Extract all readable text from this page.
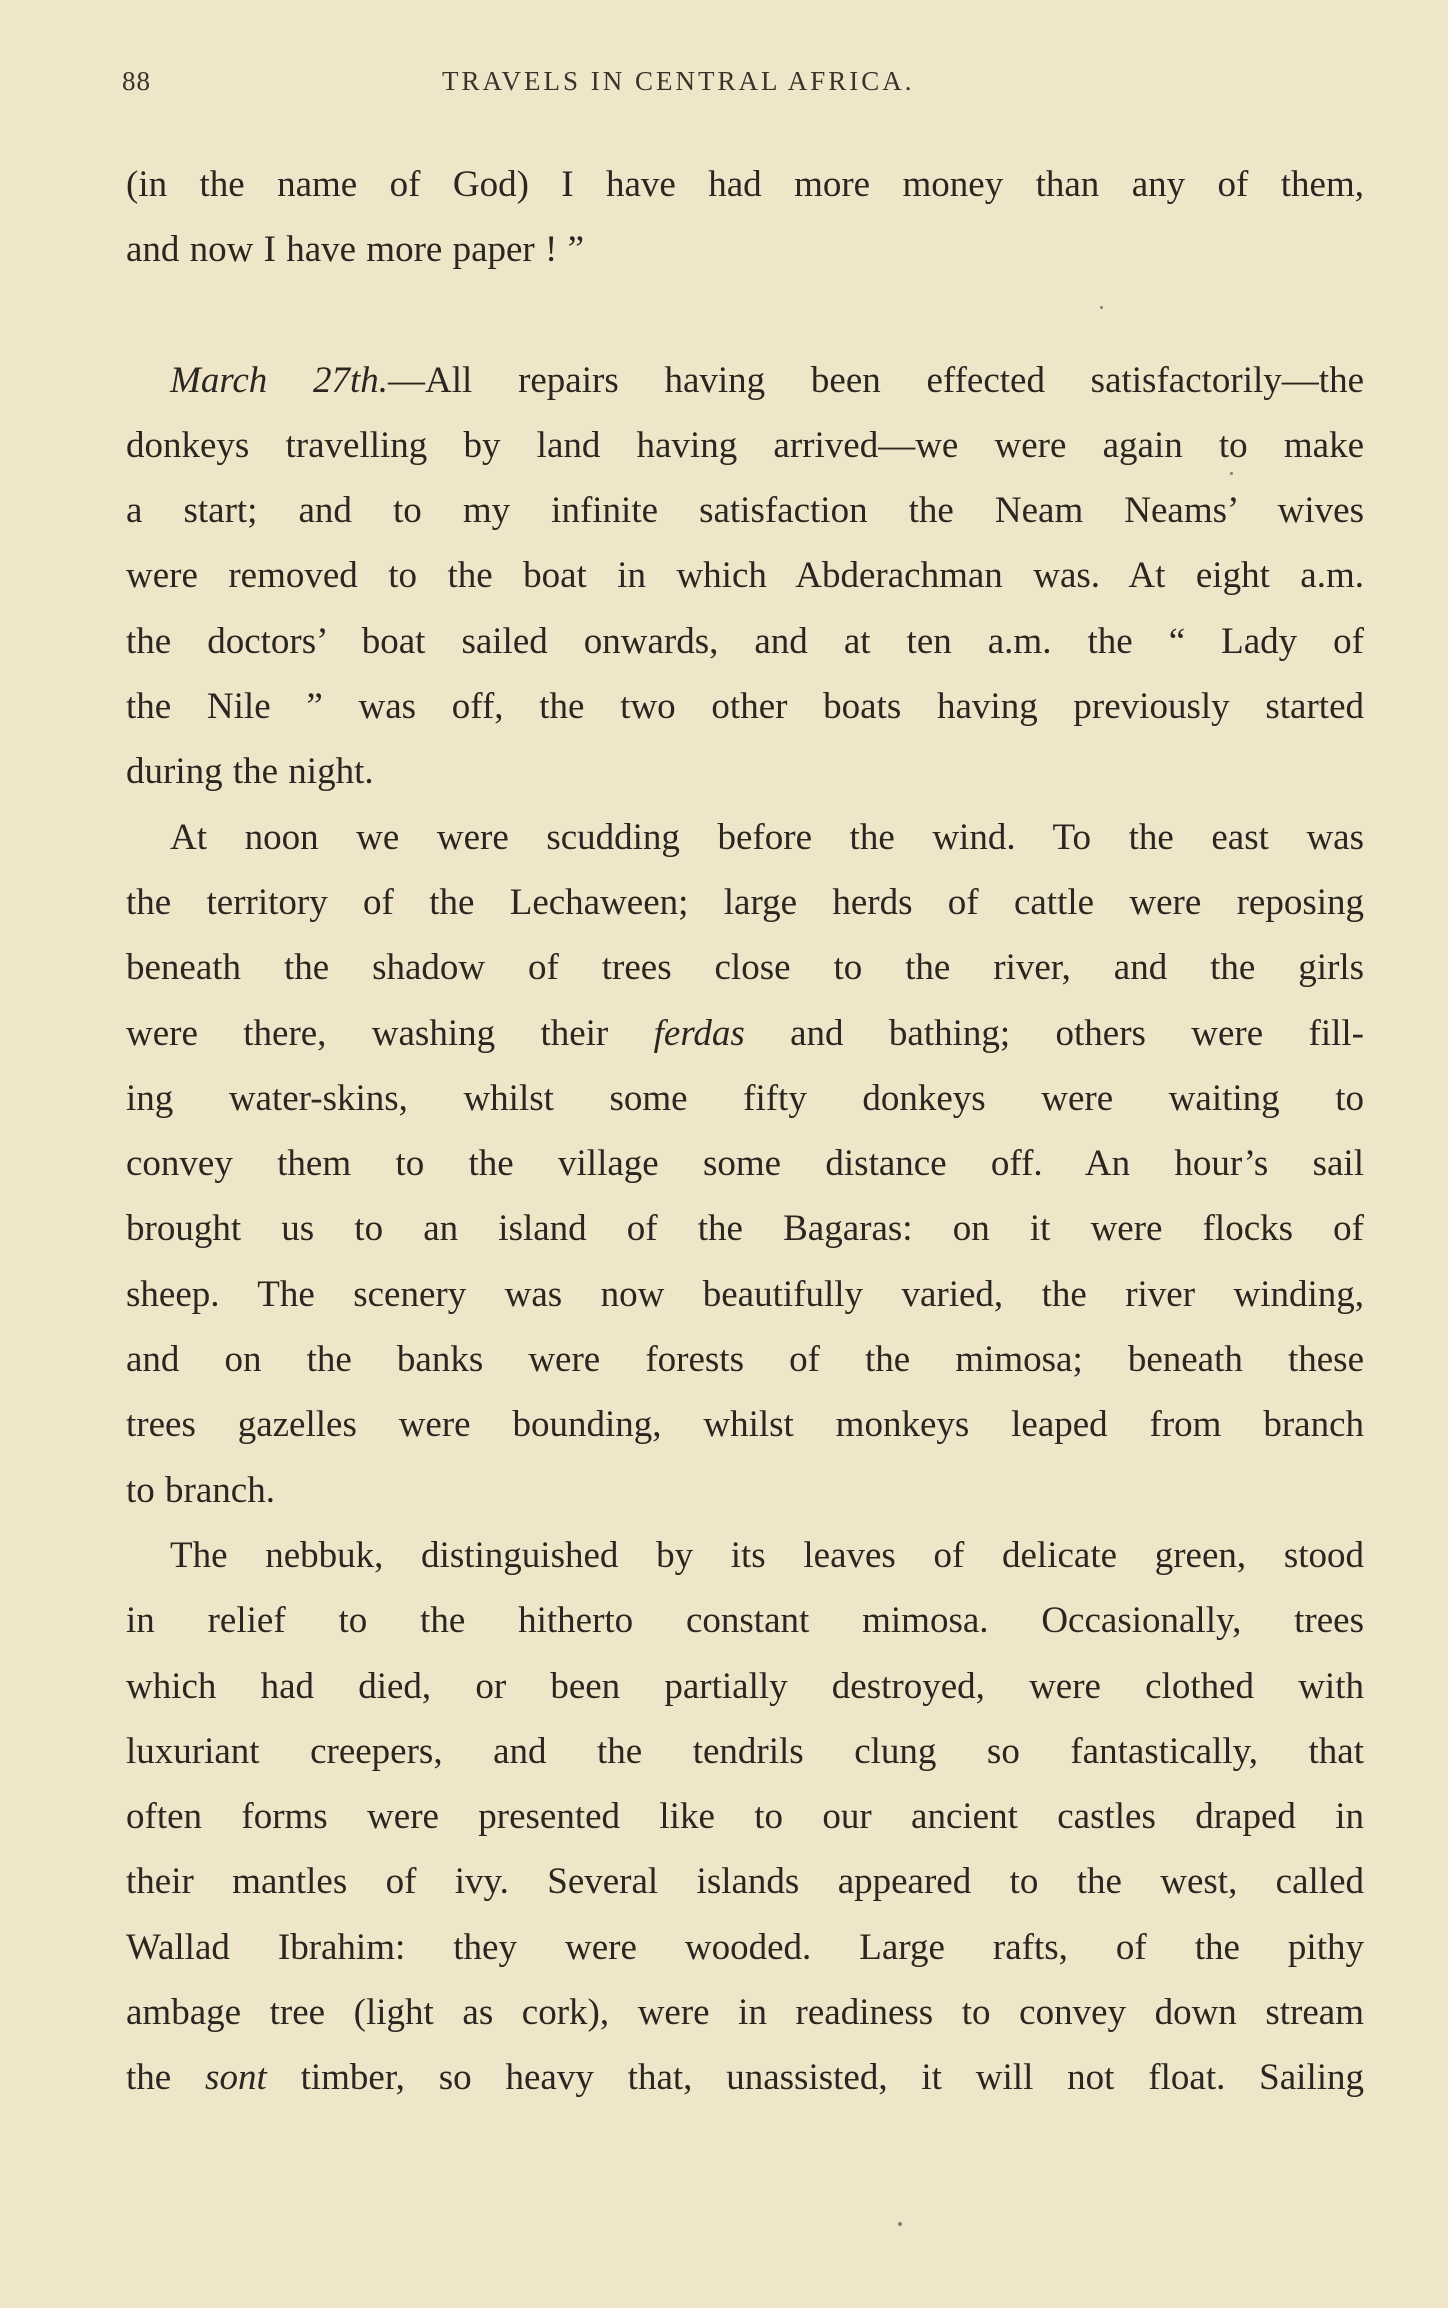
88	TRAVELS IN CENTRAL AFRICA.
(in the name of God) I have had more money than any of them,
and now I have more paper ! ”
March 27th.—All repairs having been effected satisfactorily—the
donkeys travelling by land having arrived—we were again to make
a start; and to my infinite satisfaction the Neam Neams’ wives
were removed to the boat in which Abderachman was. At eight a.m.
the doctors’ boat sailed onwards, and at ten a.m. the “ Lady of
the Nile ” was off, the two other boats having previously started
during the night.
At noon we were scudding before the wind. To the east was
the territory of the Lechaween; large herds of cattle were reposing
beneath the shadow of trees close to the river, and the girls
were there, washing their ferdas and bathing; others were fill-
ing water-skins, whilst some fifty donkeys were waiting to
convey them to the village some distance off. An hour’s sail
brought us to an island of the Bagaras: on it were flocks of
sheep. The scenery was now beautifully varied, the river winding,
and on the banks were forests of the mimosa; beneath these
trees gazelles were bounding, whilst monkeys leaped from branch
to branch.
The nebbuk, distinguished by its leaves of delicate green, stood
in relief to the hitherto constant mimosa. Occasionally, trees
which had died, or been partially destroyed, were clothed with
luxuriant creepers, and the tendrils clung so fantastically, that
often forms were presented like to our ancient castles draped in
their mantles of ivy. Several islands appeared to the west, called
Wallad Ibrahim: they were wooded. Large rafts, of the pithy
ambage tree (light as cork), were in readiness to convey down stream
the sont timber, so heavy that, unassisted, it will not float. Sailing
